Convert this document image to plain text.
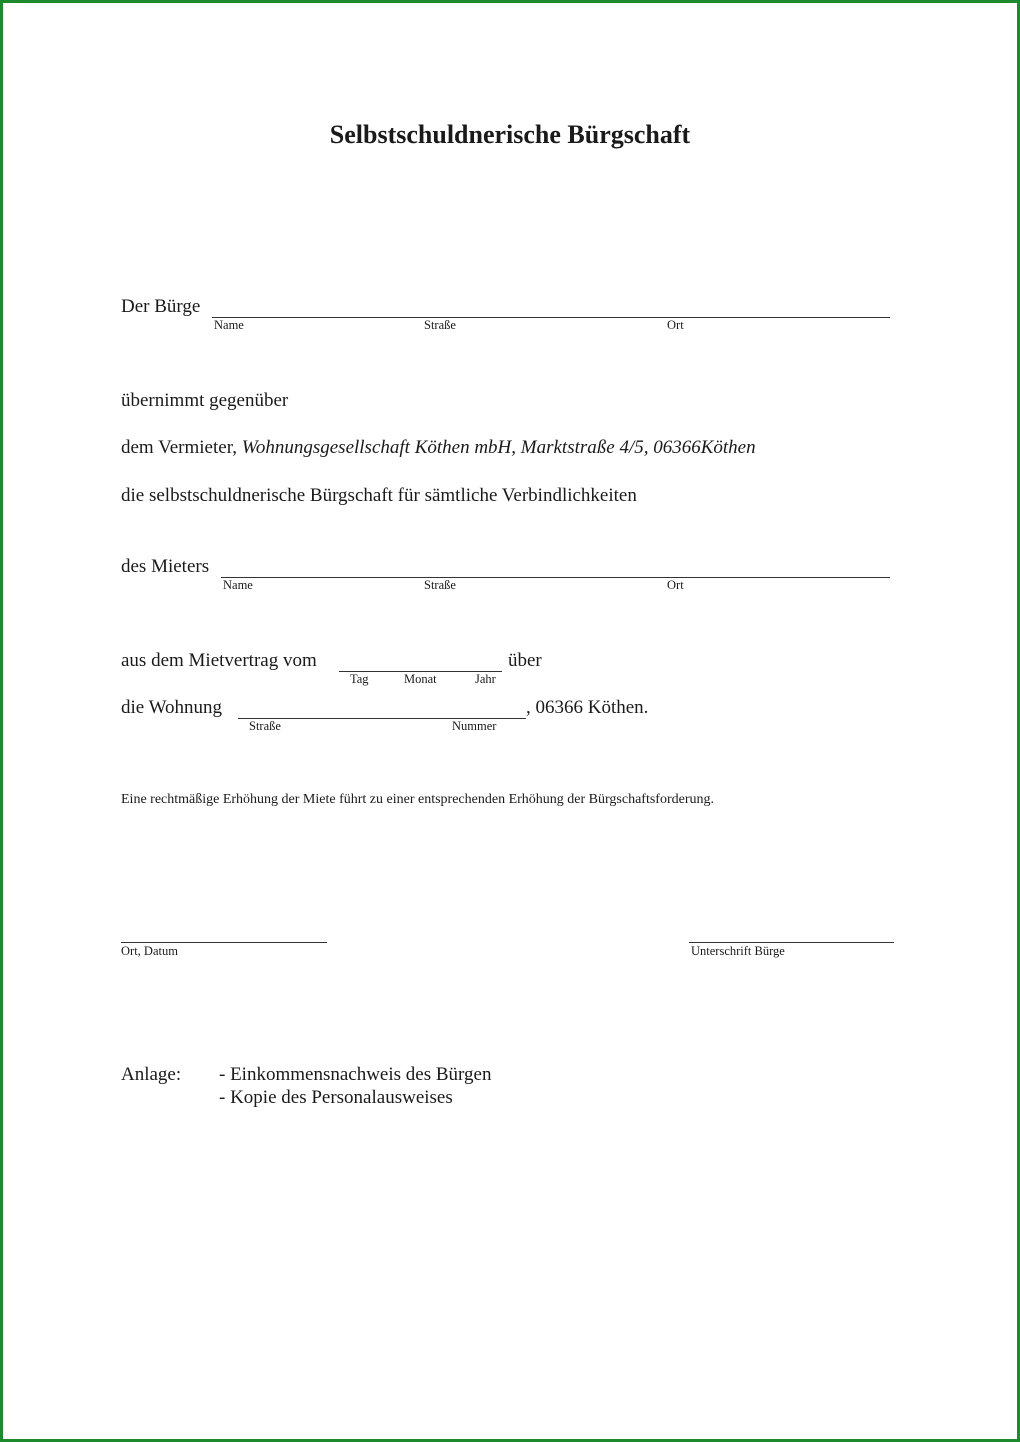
Selbstschuldnerische Bürgschaft
Der Bürge
Name	Straße	Ort
übernimmt gegenüber
dem Vermieter, Wohnungsgesellschaft Köthen mbH, Marktstraße 4/5, 06366Köthen
die selbstschuldnerische Bürgschaft für sämtliche Verbindlichkeiten
des Mieters
Name	Straße	Ort
aus dem Mietvertrag vom	über
Tag	Monat	Jahr
die Wohnung	, 06366 Köthen.
Straße	Nummer
Eine rechtmäßige Erhöhung der Miete führt zu einer entsprechenden Erhöhung der Bürgschaftsforderung.
Ort, Datum	Unterschrift Bürge
Anlage: - Einkommensnachweis des Bürgen
- Kopie des Personalausweises
